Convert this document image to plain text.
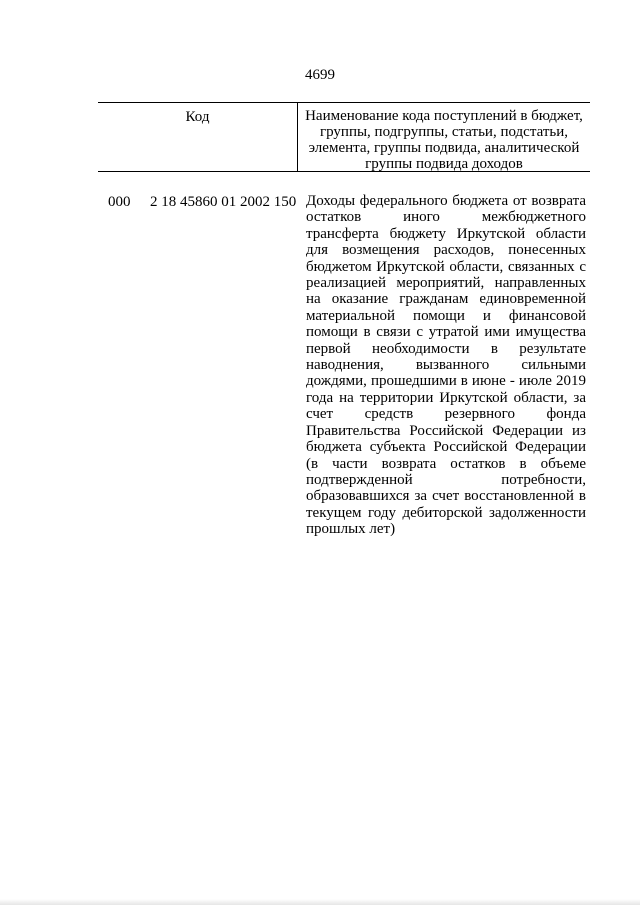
4699
Код	Наименование кода поступлений в бюджет, группы, подгруппы, статьи, подстатьи, элемента, группы подвида, аналитической группы подвида доходов
000 2 18 45860 01 2002 150 Доходы федерального бюджета от возврата остатков иного межбюджетного трансферта бюджету Иркутской области для возмещения расходов, понесенных бюджетом Иркутской области, связанных с реализацией мероприятий, направленных на оказание гражданам единовременной материальной помощи и финансовой помощи в связи с утратой ими имущества первой необходимости в результате наводнения, вызванного сильными дождями, прошедшими в июне - июле 2019 года на территории Иркутской области, за счет средств резервного фонда Правительства Российской Федерации из бюджета субъекта Российской Федерации (в части возврата остатков в объеме подтвержденной потребности, образовавшихся за счет восстановленной в текущем году дебиторской задолженности прошлых лет)
